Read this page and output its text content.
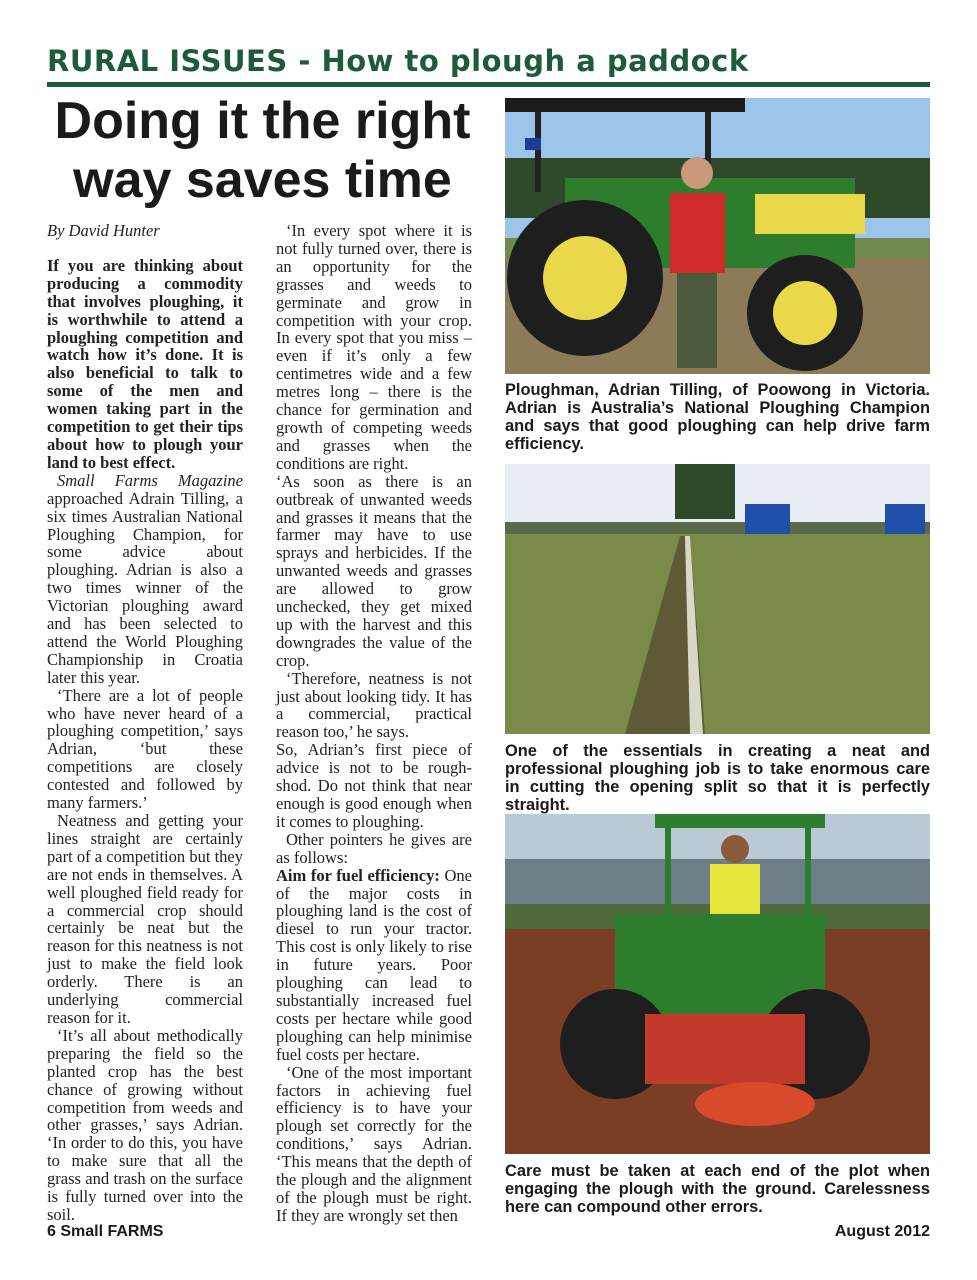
RURAL ISSUES - How to plough a paddock
Doing it the right way saves time

By David Hunter

If you are thinking about producing a commodity that involves ploughing, it is worthwhile to attend a ploughing competition and watch how it’s done. It is also beneficial to talk to some of the men and women taking part in the competition to get their tips about how to plough your land to best effect.

Small Farms Magazine approached Adrain Tilling, a six times Australian National Ploughing Champion, for some advice about ploughing. Adrian is also a two times winner of the Victorian ploughing award and has been selected to attend the World Ploughing Championship in Croatia later this year.

‘There are a lot of people who have never heard of a ploughing competition,’ says Adrian, ‘but these competitions are closely contested and followed by many farmers.’

Neatness and getting your lines straight are certainly part of a competition but they are not ends in themselves. A well ploughed field ready for a commercial crop should certainly be neat but the reason for this neatness is not just to make the field look orderly. There is an underlying commercial reason for it.

‘It’s all about methodically preparing the field so the planted crop has the best chance of growing without competition from weeds and other grasses,’ says Adrian. ‘In order to do this, you have to make sure that all the grass and trash on the surface is fully turned over into the soil.

‘In every spot where it is not fully turned over, there is an opportunity for the grasses and weeds to germinate and grow in competition with your crop. In every spot that you miss – even if it’s only a few centimetres wide and a few metres long – there is the chance for germination and growth of competing weeds and grasses when the conditions are right.

‘As soon as there is an outbreak of unwanted weeds and grasses it means that the farmer may have to use sprays and herbicides. If the unwanted weeds and grasses are allowed to grow unchecked, they get mixed up with the harvest and this downgrades the value of the crop.

‘Therefore, neatness is not just about looking tidy. It has a commercial, practical reason too,’ he says.

So, Adrian’s first piece of advice is not to be rough-shod. Do not think that near enough is good enough when it comes to ploughing.

Other pointers he gives are as follows:

Aim for fuel efficiency: One of the major costs in ploughing land is the cost of diesel to run your tractor. This cost is only likely to rise in future years. Poor ploughing can lead to substantially increased fuel costs per hectare while good ploughing can help minimise fuel costs per hectare.

‘One of the most important factors in achieving fuel efficiency is to have your plough set correctly for the conditions,’ says Adrian. ‘This means that the depth of the plough and the alignment of the plough must be right. If they are wrongly set then

Ploughman, Adrian Tilling, of Poowong in Victoria. Adrian is Australia’s National Ploughing Champion and says that good ploughing can help drive farm efficiency.

One of the essentials in creating a neat and professional ploughing job is to take enormous care in cutting the opening split so that it is perfectly straight.

Care must be taken at each end of the plot when engaging the plough with the ground. Carelessness here can compound other errors.

6 Small FARMS	August 2012
